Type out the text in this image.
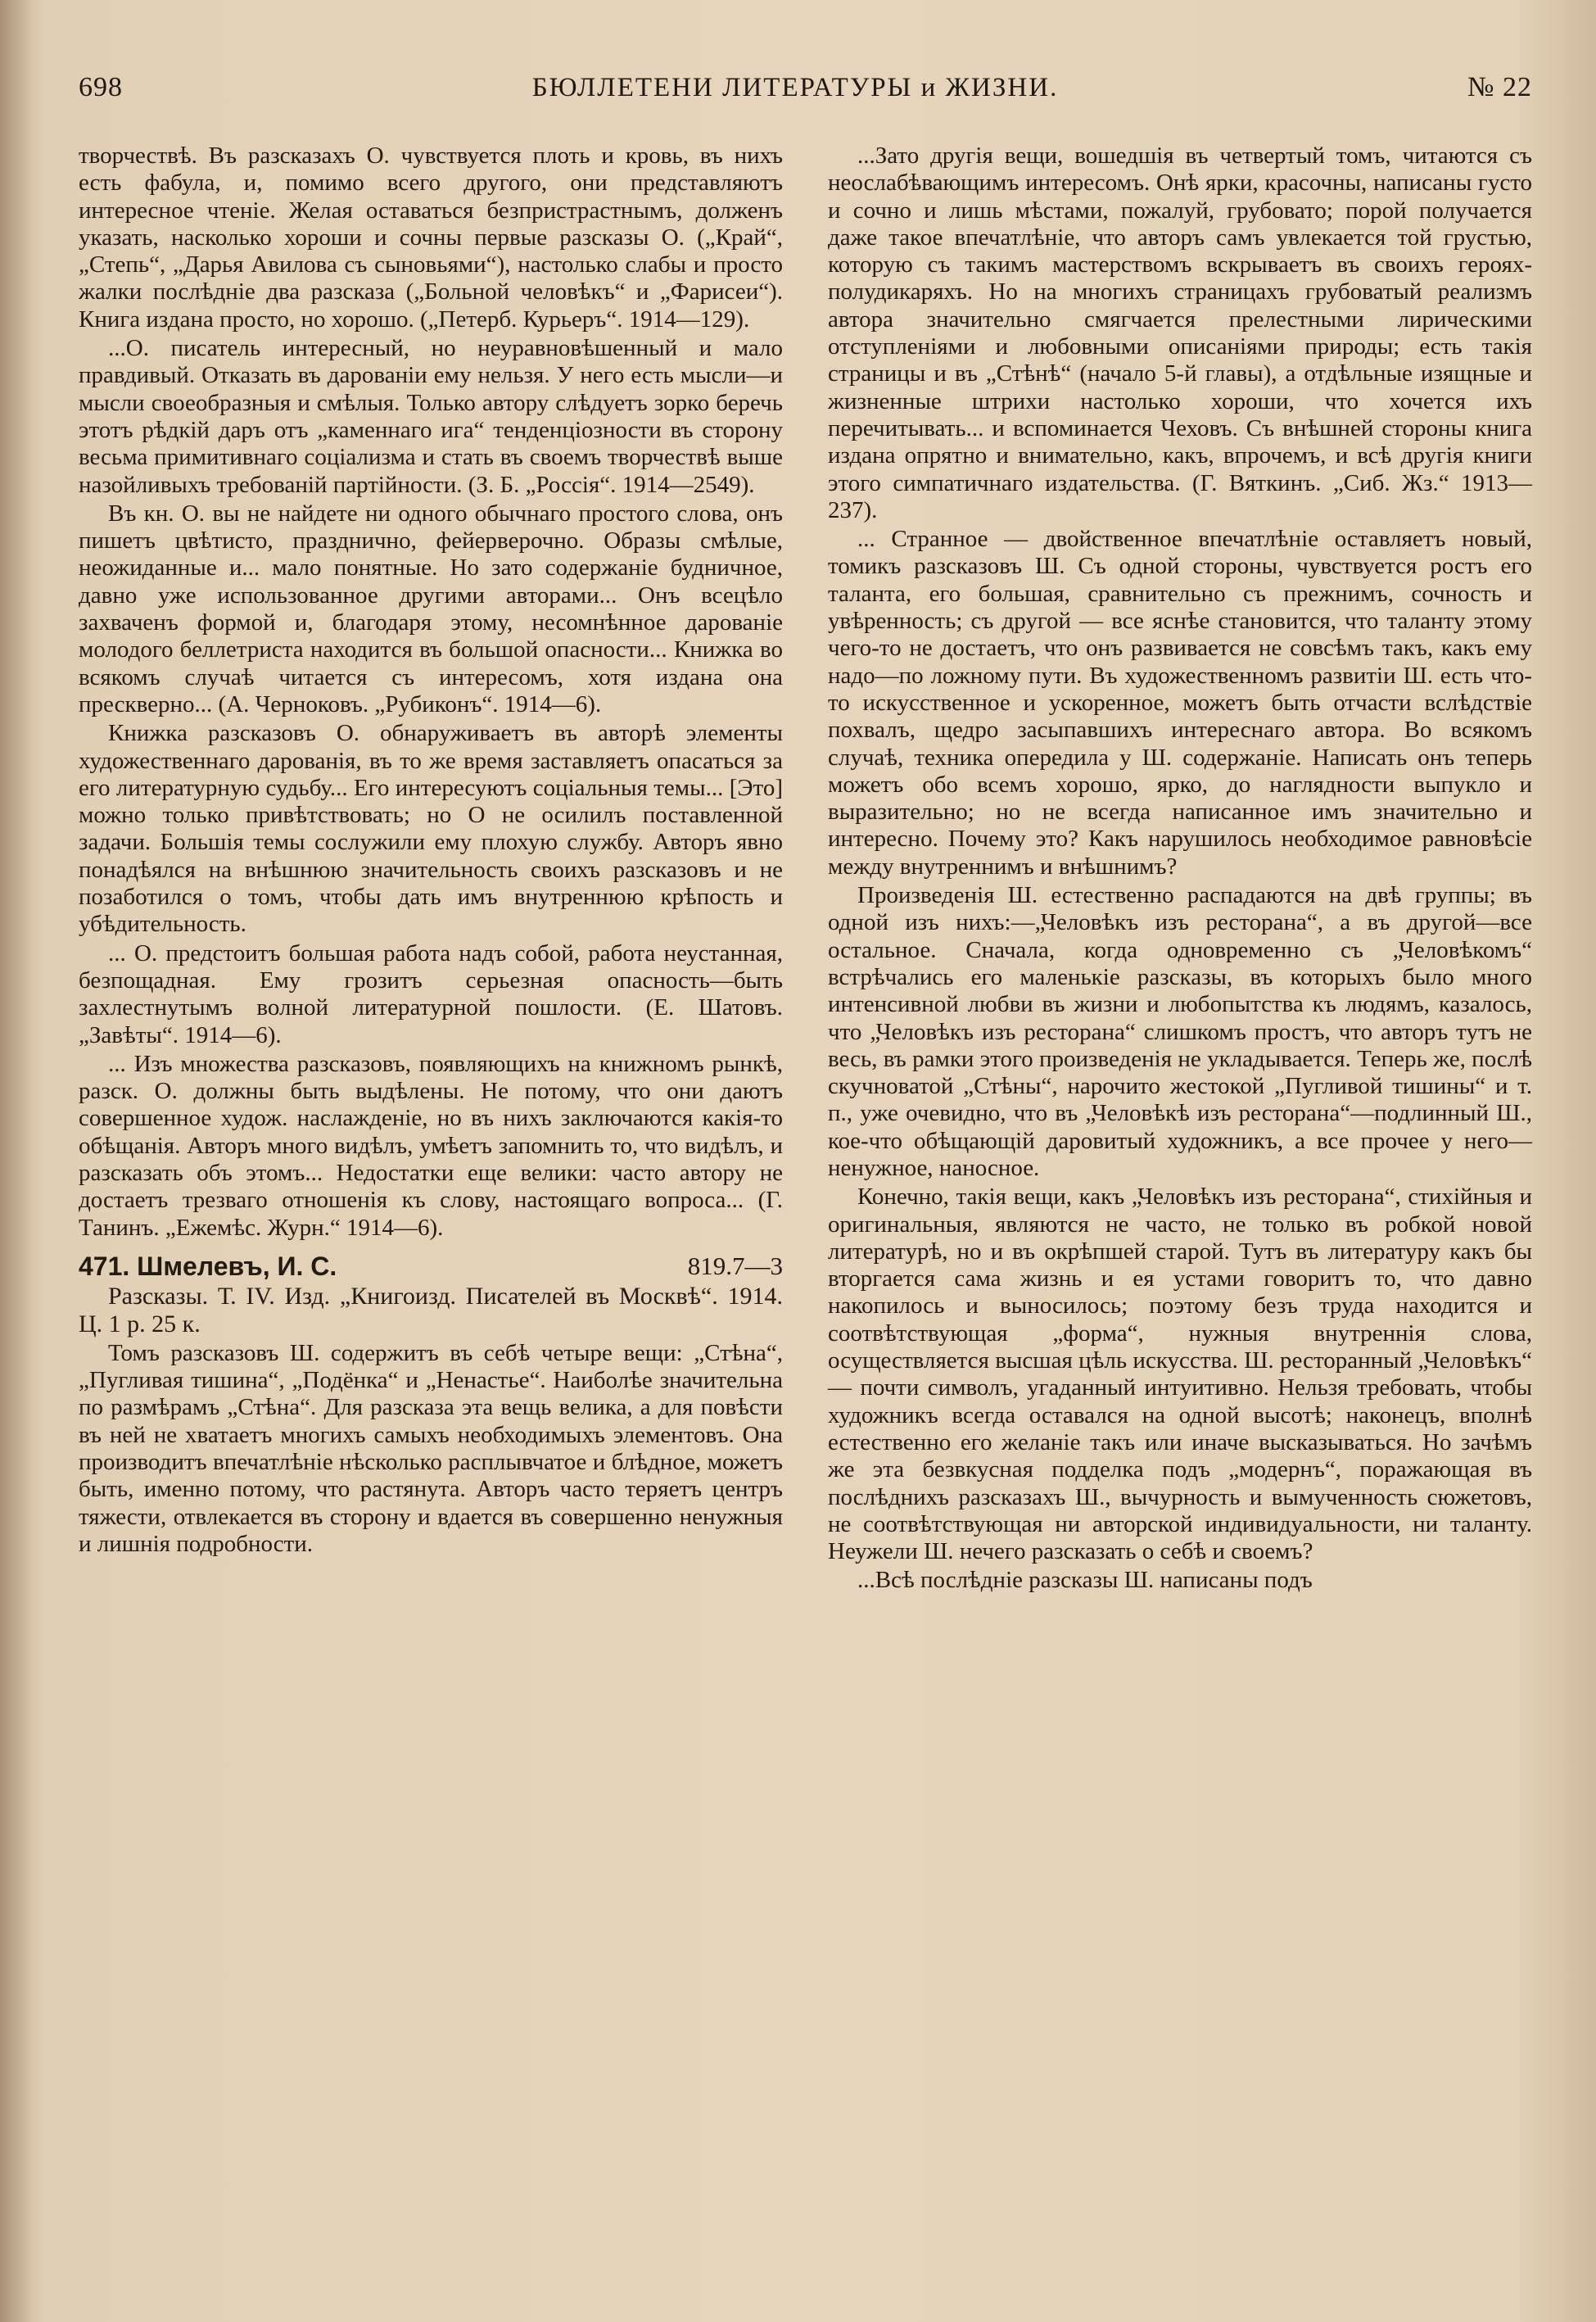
698	БЮЛЛЕТЕНИ ЛИТЕРАТУРЫ и ЖИЗНИ.	№ 22

творчествѣ. Въ разсказахъ О. чувствуется плоть и кровь, въ нихъ есть фабула, и, помимо всего другого, они представляютъ интересное чтеніе. Желая оставаться безпристрастнымъ, долженъ указать, насколько хороши и сочны первые разсказы О. („Край“, „Степь“, „Дарья Авилова съ сыновьями“), настолько слабы и просто жалки послѣдніе два разсказа („Больной человѣкъ“ и „Фарисеи“). Книга издана просто, но хорошо. („Петерб. Курьеръ“. 1914—129).

...О. писатель интересный, но неуравновѣшенный и мало правдивый. Отказать въ дарованіи ему нельзя. У него есть мысли—и мысли своеобразныя и смѣлыя. Только автору слѣдуетъ зорко беречь этотъ рѣдкій даръ отъ „каменнаго ига“ тенденціозности въ сторону весьма примитивнаго соціализма и стать въ своемъ творчествѣ выше назойливыхъ требованій партійности. (З. Б. „Россія“. 1914—2549).

Въ кн. О. вы не найдете ни одного обычнаго простого слова, онъ пишетъ цвѣтисто, празднично, фейерверочно. Образы смѣлые, неожиданные и... мало понятные. Но зато содержаніе будничное, давно уже использованное другими авторами... Онъ всецѣло захваченъ формой и, благодаря этому, несомнѣнное дарованіе молодого беллетриста находится въ большой опасности... Книжка во всякомъ случаѣ читается съ интересомъ, хотя издана она прескверно... (А. Черноковъ. „Рубиконъ“. 1914—6).

Книжка разсказовъ О. обнаруживаетъ въ авторѣ элементы художественнаго дарованія, въ то же время заставляетъ опасаться за его литературную судьбу... Его интересуютъ соціальныя темы... [Это] можно только привѣтствовать; но О не осилилъ поставленной задачи. Большія темы сослужили ему плохую службу. Авторъ явно понадѣялся на внѣшнюю значительность своихъ разсказовъ и не позаботился о томъ, чтобы дать имъ внутреннюю крѣпость и убѣдительность.

... О. предстоитъ большая работа надъ собой, работа неустанная, безпощадная. Ему грозитъ серьезная опасность—быть захлестнутымъ волной литературной пошлости. (Е. Шатовъ. „Завѣты“. 1914—6).

... Изъ множества разсказовъ, появляющихъ на книжномъ рынкѣ, разск. О. должны быть выдѣлены. Не потому, что они даютъ совершенное худож. наслажденіе, но въ нихъ заключаются какія-то обѣщанія. Авторъ много видѣлъ, умѣетъ запомнить то, что видѣлъ, и разсказать объ этомъ... Недостатки еще велики: часто автору не достаетъ трезваго отношенія къ слову, настоящаго вопроса... (Г. Танинъ. „Ежемѣс. Журн.“ 1914—6).

471. Шмелевъ, И. С.	819.7—3

Разсказы. Т. IV. Изд. „Книгоизд. Писателей въ Москвѣ“. 1914. Ц. 1 р. 25 к.

Томъ разсказовъ Ш. содержитъ въ себѣ четыре вещи: „Стѣна“, „Пугливая тишина“, „Подёнка“ и „Ненастье“. Наиболѣе значительна по размѣрамъ „Стѣна“. Для разсказа эта вещь велика, а для повѣсти въ ней не хватаетъ многихъ самыхъ необходимыхъ элементовъ. Она производитъ впечатлѣніе нѣсколько расплывчатое и блѣдное, можетъ быть, именно потому, что растянута. Авторъ часто теряетъ центръ тяжести, отвлекается въ сторону и вдается въ совершенно ненужныя и лишнія подробности.

...Зато другія вещи, вошедшія въ четвертый томъ, читаются съ неослабѣвающимъ интересомъ. Онѣ ярки, красочны, написаны густо и сочно и лишь мѣстами, пожалуй, грубовато; порой получается даже такое впечатлѣніе, что авторъ самъ увлекается той грустью, которую съ такимъ мастерствомъ вскрываетъ въ своихъ героях-полудикаряхъ. Но на многихъ страницахъ грубоватый реализмъ автора значительно смягчается прелестными лирическими отступленіями и любовными описаніями природы; есть такія страницы и въ „Стѣнѣ“ (начало 5-й главы), а отдѣльные изящные и жизненные штрихи настолько хороши, что хочется ихъ перечитывать... и вспоминается Чеховъ. Съ внѣшней стороны книга издана опрятно и внимательно, какъ, впрочемъ, и всѣ другія книги этого симпатичнаго издательства. (Г. Вяткинъ. „Сиб. Жз.“ 1913—237).

... Странное — двойственное впечатлѣніе оставляетъ новый, томикъ разсказовъ Ш. Съ одной стороны, чувствуется ростъ его таланта, его большая, сравнительно съ прежнимъ, сочность и увѣренность; съ другой — все яснѣе становится, что таланту этому чего-то не достаетъ, что онъ развивается не совсѣмъ такъ, какъ ему надо—по ложному пути. Въ художественномъ развитіи Ш. есть что-то искусственное и ускоренное, можетъ быть отчасти вслѣдствіе похвалъ, щедро засыпавшихъ интереснаго автора. Во всякомъ случаѣ, техника опередила у Ш. содержаніе. Написать онъ теперь можетъ обо всемъ хорошо, ярко, до наглядности выпукло и выразительно; но не всегда написанное имъ значительно и интересно. Почему это? Какъ нарушилось необходимое равновѣсіе между внутреннимъ и внѣшнимъ?

Произведенія Ш. естественно распадаются на двѣ группы; въ одной изъ нихъ:—„Человѣкъ изъ ресторана“, а въ другой—все остальное. Сначала, когда одновременно съ „Человѣкомъ“ встрѣчались его маленькіе разсказы, въ которыхъ было много интенсивной любви въ жизни и любопытства къ людямъ, казалось, что „Человѣкъ изъ ресторана“ слишкомъ простъ, что авторъ тутъ не весь, въ рамки этого произведенія не укладывается. Теперь же, послѣ скучноватой „Стѣны“, нарочито жестокой „Пугливой тишины“ и т. п., уже очевидно, что въ „Человѣкѣ изъ ресторана“—подлинный Ш., коe-что обѣщающій даровитый художникъ, а все прочее у него—ненужное, наносное.

Конечно, такія вещи, какъ „Человѣкъ изъ ресторана“, стихійныя и оригинальныя, являются не часто, не только въ робкой новой литературѣ, но и въ окрѣпшей старой. Тутъ въ литературу какъ бы вторгается сама жизнь и ея устами говоритъ то, что давно накопилось и выносилось; поэтому безъ труда находится и соотвѣтствующая „форма“, нужныя внутреннія слова, осуществляется высшая цѣль искусства. Ш. ресторанный „Человѣкъ“ — почти символъ, угаданный интуитивно. Нельзя требовать, чтобы художникъ всегда оставался на одной высотѣ; наконецъ, вполнѣ естественно его желаніе такъ или иначе высказываться. Но зачѣмъ же эта безвкусная подделка подъ „модернъ“, поражающая въ послѣднихъ разсказахъ Ш., вычурность и вымученность сюжетовъ, не соотвѣтствующая ни авторской индивидуальности, ни таланту. Неужели Ш. нечего разсказать о себѣ и своемъ?

...Всѣ послѣдніе разсказы Ш. написаны подъ
